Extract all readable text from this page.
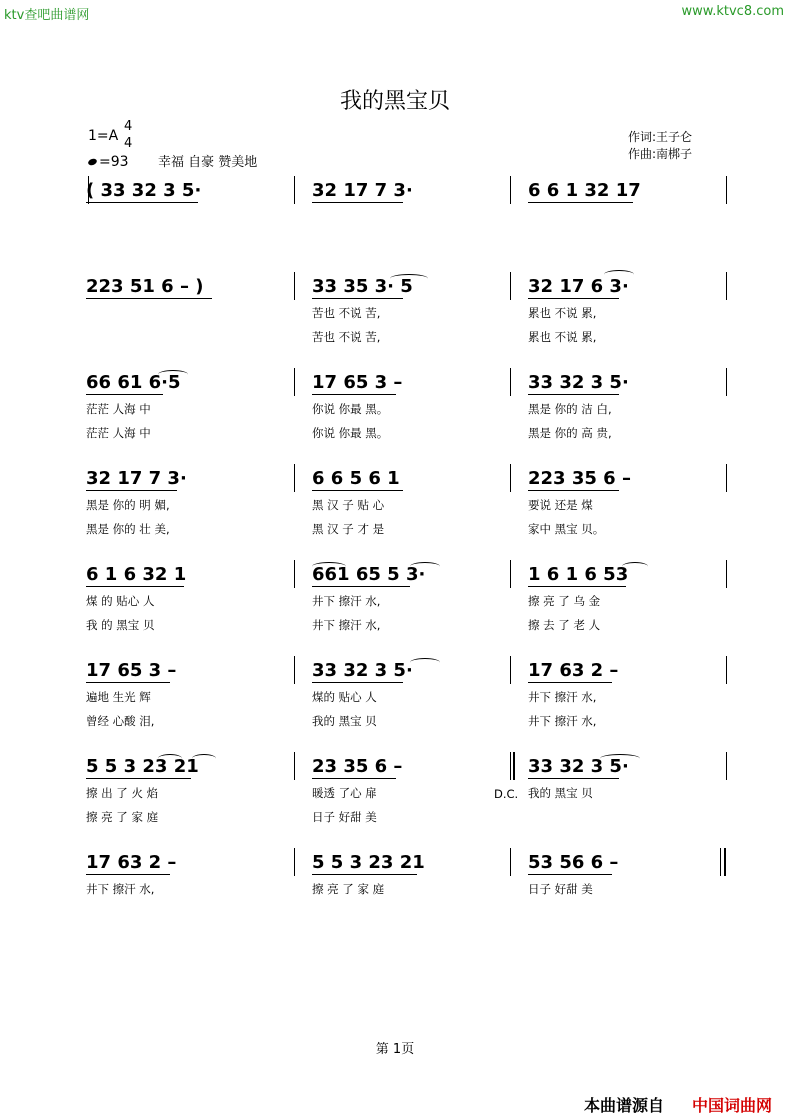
ktv查吧曲谱网	www.ktvc8.com
我的黑宝贝
1=A
4
4
=93 幸福 自豪 赞美地
作词:王子仑
作曲:南梆子
( 33 32 3 5·	32 17 7 3·	6 6 1 32 17
223 51 6 – )	33 35 3· 5
苦也 不说 苦,
苦也 不说 苦,
32 17 6 3·
累也 不说 累,
累也 不说 累,
66 61 6·5
茫茫 人海 中
茫茫 人海 中
17 65 3 –
你说 你最 黑。
你说 你最 黑。
33 32 3 5·
黑是 你的 洁 白,
黑是 你的 高 贵,
32 17 7 3·
黑是 你的 明 媚,
黑是 你的 壮 美,
6 6 5 6 1
黑 汉 子 贴 心
黑 汉 子 才 是
223 35 6 –
要说 还是 煤
家中 黑宝 贝。
6 1 6 32 1
煤 的 贴心 人
我 的 黑宝 贝
661 65 5 3·
井下 擦汗 水,
井下 擦汗 水,
1 6 1 6 53
擦 亮 了 乌 金
擦 去 了 老 人
17 65 3 –
遍地 生光 辉
曾经 心酸 泪,
33 32 3 5·
煤的 贴心 人
我的 黑宝 贝
17 63 2 –
井下 擦汗 水,
井下 擦汗 水,
5 5 3 23 21
擦 出 了 火 焰
擦 亮 了 家 庭
23 35 6 –
暖透 了心 扉
日子 好甜 美
33 32 3 5·
我的 黑宝 贝
17 63 2 –
井下 擦汗 水,
5 5 3 23 21
擦 亮 了 家 庭
53 56 6 –
日子 好甜 美
D.C.
第 1页
本曲谱源自 中国词曲网
